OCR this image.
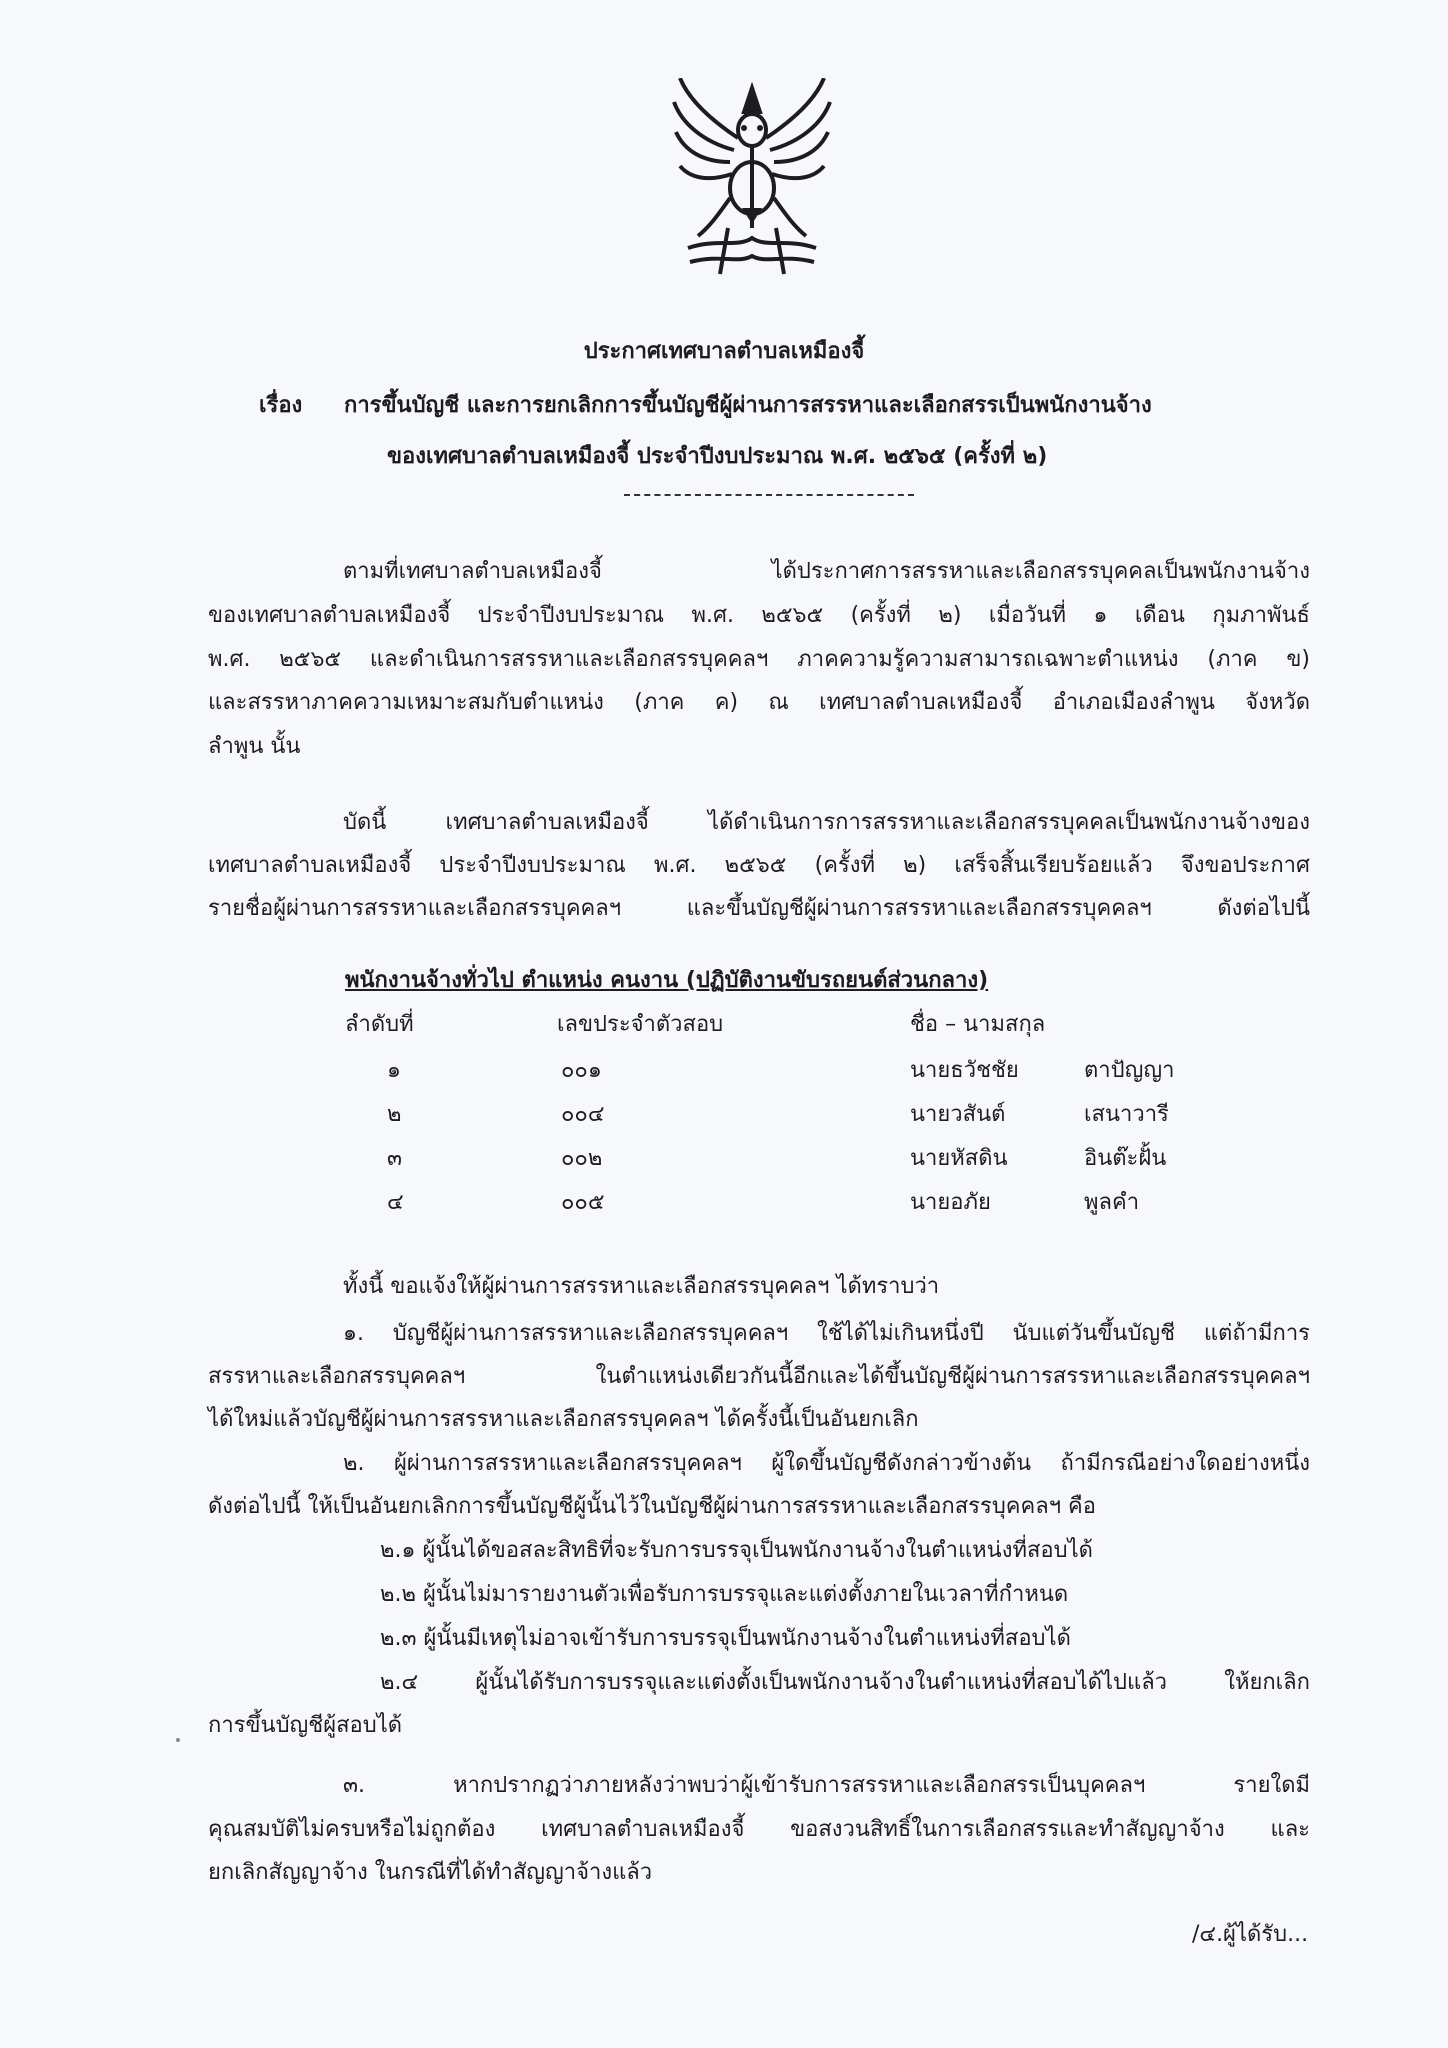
ประกาศเทศบาลตำบลเหมืองจี้
เรื่อง การขึ้นบัญชี และการยกเลิกการขึ้นบัญชีผู้ผ่านการสรรหาและเลือกสรรเป็นพนักงานจ้าง
ของเทศบาลตำบลเหมืองจี้ ประจำปีงบประมาณ พ.ศ. ๒๕๖๕ (ครั้งที่ ๒)
ตามที่เทศบาลตำบลเหมืองจี้ ได้ประกาศการสรรหาและเลือกสรรบุคคลเป็นพนักงานจ้าง
ของเทศบาลตำบลเหมืองจี้ ประจำปีงบประมาณ พ.ศ. ๒๕๖๕ (ครั้งที่ ๒) เมื่อวันที่ ๑ เดือน กุมภาพันธ์
พ.ศ. ๒๕๖๕ และดำเนินการสรรหาและเลือกสรรบุคคลฯ ภาคความรู้ความสามารถเฉพาะตำแหน่ง (ภาค ข)
และสรรหาภาคความเหมาะสมกับตำแหน่ง (ภาค ค) ณ เทศบาลตำบลเหมืองจี้ อำเภอเมืองลำพูน จังหวัด
ลำพูน นั้น
บัดนี้ เทศบาลตำบลเหมืองจี้ ได้ดำเนินการการสรรหาและเลือกสรรบุคคลเป็นพนักงานจ้างของ
เทศบาลตำบลเหมืองจี้ ประจำปีงบประมาณ พ.ศ. ๒๕๖๕ (ครั้งที่ ๒) เสร็จสิ้นเรียบร้อยแล้ว จึงขอประกาศ
รายชื่อผู้ผ่านการสรรหาและเลือกสรรบุคคลฯ และขึ้นบัญชีผู้ผ่านการสรรหาและเลือกสรรบุคคลฯ ดังต่อไปนี้
พนักงานจ้างทั่วไป ตำแหน่ง คนงาน (ปฏิบัติงานขับรถยนต์ส่วนกลาง)
ลำดับที่	เลขประจำตัวสอบ	ชื่อ – นามสกุล
๑	๐๐๑	นายธวัชชัย	ตาปัญญา
๒	๐๐๔	นายวสันต์	เสนาวารี
๓	๐๐๒	นายหัสดิน	อินต๊ะฝั้น
๔	๐๐๕	นายอภัย	พูลคำ
ทั้งนี้ ขอแจ้งให้ผู้ผ่านการสรรหาและเลือกสรรบุคคลฯ ได้ทราบว่า
๑. บัญชีผู้ผ่านการสรรหาและเลือกสรรบุคคลฯ ใช้ได้ไม่เกินหนึ่งปี นับแต่วันขึ้นบัญชี แต่ถ้ามีการ
สรรหาและเลือกสรรบุคคลฯ ในตำแหน่งเดียวกันนี้อีกและได้ขึ้นบัญชีผู้ผ่านการสรรหาและเลือกสรรบุคคลฯ
ได้ใหม่แล้วบัญชีผู้ผ่านการสรรหาและเลือกสรรบุคคลฯ ได้ครั้งนี้เป็นอันยกเลิก
๒. ผู้ผ่านการสรรหาและเลือกสรรบุคคลฯ ผู้ใดขึ้นบัญชีดังกล่าวข้างต้น ถ้ามีกรณีอย่างใดอย่างหนึ่ง
ดังต่อไปนี้ ให้เป็นอันยกเลิกการขึ้นบัญชีผู้นั้นไว้ในบัญชีผู้ผ่านการสรรหาและเลือกสรรบุคคลฯ คือ
๒.๑ ผู้นั้นได้ขอสละสิทธิที่จะรับการบรรจุเป็นพนักงานจ้างในตำแหน่งที่สอบได้
๒.๒ ผู้นั้นไม่มารายงานตัวเพื่อรับการบรรจุและแต่งตั้งภายในเวลาที่กำหนด
๒.๓ ผู้นั้นมีเหตุไม่อาจเข้ารับการบรรจุเป็นพนักงานจ้างในตำแหน่งที่สอบได้
๒.๔ ผู้นั้นได้รับการบรรจุและแต่งตั้งเป็นพนักงานจ้างในตำแหน่งที่สอบได้ไปแล้ว ให้ยกเลิก
การขึ้นบัญชีผู้สอบได้
๓. หากปรากฏว่าภายหลังว่าพบว่าผู้เข้ารับการสรรหาและเลือกสรรเป็นบุคคลฯ รายใดมี
คุณสมบัติไม่ครบหรือไม่ถูกต้อง เทศบาลตำบลเหมืองจี้ ขอสงวนสิทธิ์ในการเลือกสรรและทำสัญญาจ้าง และ
ยกเลิกสัญญาจ้าง ในกรณีที่ได้ทำสัญญาจ้างแล้ว
/๔.ผู้ได้รับ...
